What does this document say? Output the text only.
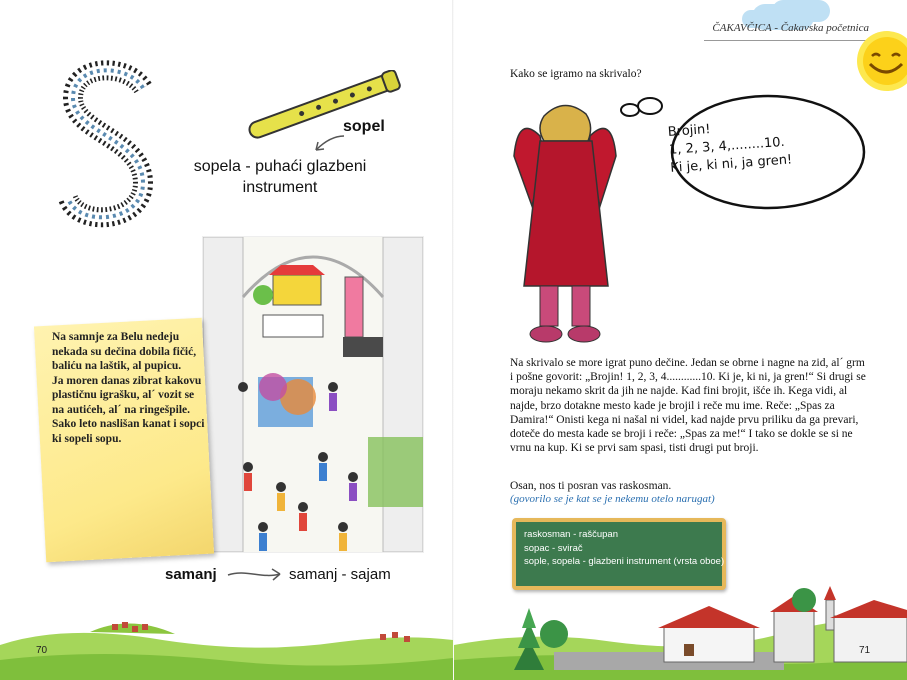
sopel
sopela - puhaći glazbeni instrument

Na samnje za Belu nedeju nekada su dečina dobila fičić, baliću na laštik, al pupicu.

Ja moren danas zibrat kakovu plastičnu igrašku, al´ vozit se na autićeh, al´ na ringešpile.

Sako leto naslišan kanat i sopci ki sopeli sopu.

samanj	samanj - sajam
70
ČAKAVČICA - Čakavska početnica
Kako se igramo na skrivalo?
Brojin!
1, 2, 3, 4,........10.
Ki je, ki ni, ja gren!

Na skrivalo se more igrat puno dečine. Jedan se obrne i nagne na zid, al´ grm i pošne govorit: „Brojin! 1, 2, 3, 4............10. Ki je, ki ni, ja gren!“ Si drugi se moraju nekamo skrit da jih ne najde. Kad fini brojit, išće ih. Kega vidi, al najde, brzo dotakne mesto kade je brojil i reče mu ime. Reče: „Spas za Damira!“ Onisti kega ni našal ni videl, kad najde prvu priliku da ga prevari, doteče do mesta kade se broji i reče: „Spas za me!“ I tako se dokle se si ne vrnu na kup. Ki se prvi sam spasi, tisti drugi put broji.

Osan, nos ti posran vas raskosman.
(govorilo se je kat se je nekemu otelo narugat)
raskosman - raščupan
sopac - svirač
sople, sopela - glazbeni instrument (vrsta oboe)
71
